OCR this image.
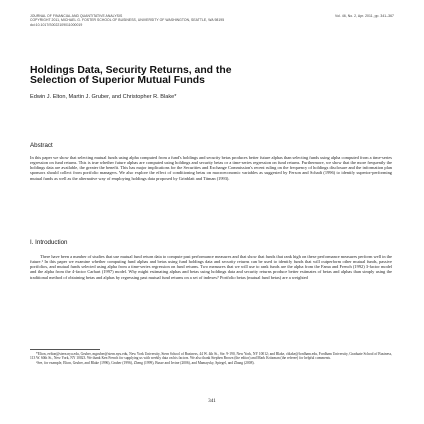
JOURNAL OF FINANCIAL AND QUANTITATIVE ANALYSIS	Vol. 46, No. 2, Apr. 2011, pp. 341–367
COPYRIGHT 2011, MICHAEL G. FOSTER SCHOOL OF BUSINESS, UNIVERSITY OF WASHINGTON, SEATTLE, WA 98195
doi:10.1017/S0022109011000019
Holdings Data, Security Returns, and the
Selection of Superior Mutual Funds
Edwin J. Elton, Martin J. Gruber, and Christopher R. Blake*
Abstract

In this paper we show that selecting mutual funds using alpha computed from a fund's holdings and security betas produces better future alphas than selecting funds using alpha computed from a time-series regression on fund returns. This is true whether future alphas are computed using holdings and security betas or a time-series regression on fund returns. Furthermore, we show that the more frequently the holdings data are available, the greater the benefit. This has major implications for the Securities and Exchange Commission's recent ruling on the frequency of holdings disclosure and the information plan sponsors should collect from portfolio managers. We also explore the effect of conditioning betas on macroeconomic variables as suggested by Ferson and Schadt (1996) to identify superior-performing mutual funds as well as the alternative way of employing holdings data proposed by Grinblatt and Titman (1993).

I. Introduction

There have been a number of studies that use mutual fund return data to compute past performance measures and that show that funds that rank high on these performance measures perform well in the future.¹ In this paper we examine whether computing fund alphas and betas using fund holdings data and security returns can be used to identify funds that will outperform other mutual funds, passive portfolios, and mutual funds selected using alpha from a time-series regression on fund returns. Two measures that we will use to rank funds are the alpha from the Fama and French (1992) 3-factor model and the alpha from the 4-factor Carhart (1997) model. Why might estimating alphas and betas using holdings data and security returns produce better estimates of betas and alphas than simply using the traditional method of obtaining betas and alphas by regressing past mutual fund returns on a set of indexes? Portfolio betas (mutual fund betas) are a weighted

*Elton, eelton@stern.nyu.edu, Gruber, mgruber@stern.nyu.edu, New York University, Stern School of Business, 44 W. 4th St., Ste. 9-190, New York, NY 10012; and Blake, cblake@fordham.edu, Fordham University, Graduate School of Business, 113 W. 60th St., New York, NY 10023. We thank Ken French for supplying us with weekly data on his factors. We also thank Stephen Brown (the editor) and Mark Kritzman (the referee) for helpful comments.

¹See, for example, Elton, Gruber, and Blake (1996), Gruber (1996), Zheng (1999), Busse and Irvine (2006), and Mamaysky, Spiegel, and Zhang (2008).

341
